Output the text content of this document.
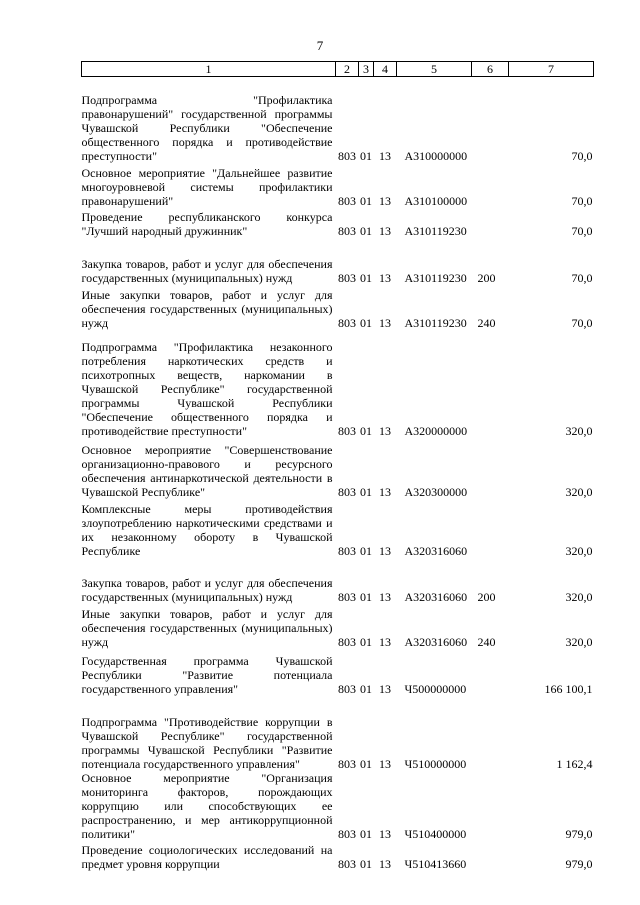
7
1	2	3	4	5	6	7
Подпрограмма "Профилактика правонарушений" государственной программы Чувашской Республики "Обеспечение общественного порядка и противодействие преступности"	803	01	13	А310000000		70,0
Основное мероприятие "Дальнейшее развитие многоуровневой системы профилактики правонарушений"	803	01	13	А310100000		70,0
Проведение республиканского конкурса "Лучший народный дружинник"	803	01	13	А310119230		70,0
Закупка товаров, работ и услуг для обеспечения государственных (муниципальных) нужд	803	01	13	А310119230	200	70,0
Иные закупки товаров, работ и услуг для обеспечения государственных (муниципальных) нужд	803	01	13	А310119230	240	70,0
Подпрограмма "Профилактика незаконного потребления наркотических средств и психотропных веществ, наркомании в Чувашской Республике" государственной программы Чувашской Республики "Обеспечение общественного порядка и противодействие преступности"	803	01	13	А320000000		320,0
Основное мероприятие "Совершенствование организационно-правового и ресурсного обеспечения антинаркотической деятельности в Чувашской Республике"	803	01	13	А320300000		320,0
Комплексные меры противодействия злоупотреблению наркотическими средствами и их незаконному обороту в Чувашской Республике	803	01	13	А320316060		320,0
Закупка товаров, работ и услуг для обеспечения государственных (муниципальных) нужд	803	01	13	А320316060	200	320,0
Иные закупки товаров, работ и услуг для обеспечения государственных (муниципальных) нужд	803	01	13	А320316060	240	320,0
Государственная программа Чувашской Республики "Развитие потенциала государственного управления"	803	01	13	Ч500000000		166 100,1
Подпрограмма "Противодействие коррупции в Чувашской Республике" государственной программы Чувашской Республики "Развитие потенциала государственного управления"	803	01	13	Ч510000000		1 162,4
Основное мероприятие "Организация мониторинга факторов, порождающих коррупцию или способствующих ее распространению, и мер антикоррупционной политики"	803	01	13	Ч510400000		979,0
Проведение социологических исследований на предмет уровня коррупции	803	01	13	Ч510413660		979,0
